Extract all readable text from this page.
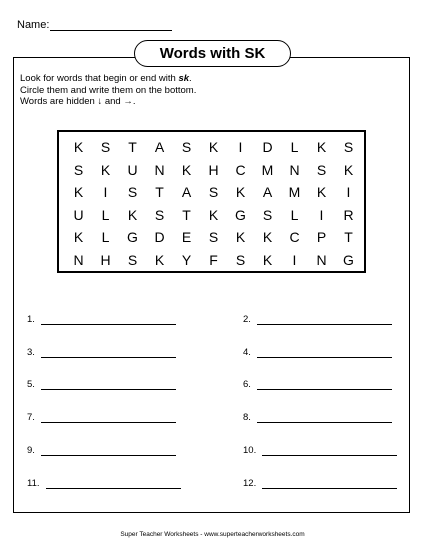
Name:
Words with SK
Look for words that begin or end with sk.
Circle them and write them on the bottom.
Words are hidden ↓ and →.
K	S	T	A	S	K	I	D	L	K	S
S	K	U	N	K	H	C	M	N	S	K
K	I	S	T	A	S	K	A	M	K	I
U	L	K	S	T	K	G	S	L	I	R
K	L	G	D	E	S	K	K	C	P	T
N	H	S	K	Y	F	S	K	I	N	G
1.	2.
3.	4.
5.	6.
7.	8.
9.	10.
11.	12.
Super Teacher Worksheets - www.superteacherworksheets.com
